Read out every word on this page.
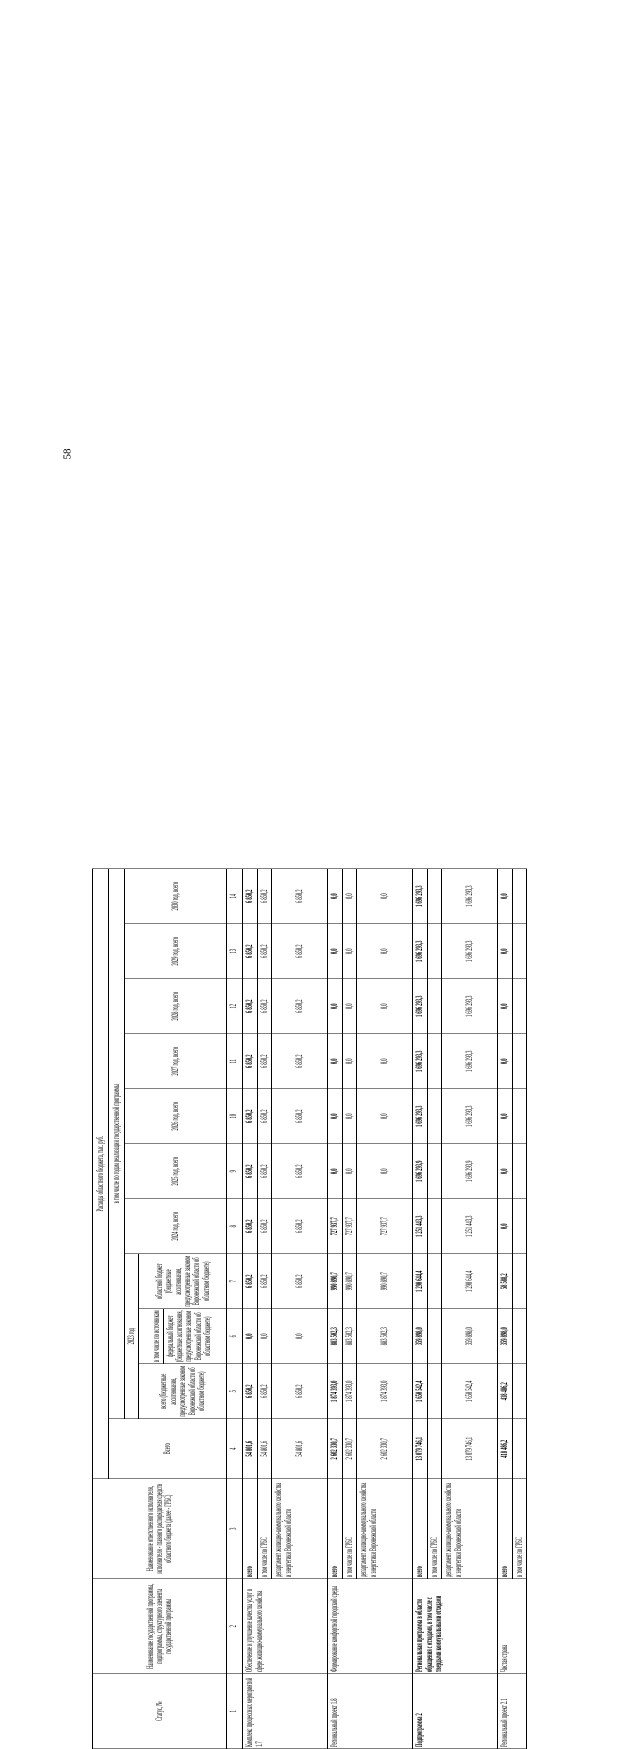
58
Статус, №	Наименование государственной программы, подпрограммы, структурного элемента государственной программы	Наименование ответственного исполнителя, исполнителя - главного распорядителя средств областного бюджета (далее - ГРБС)	Расходы областного бюджета, тыс. руб.										
			Всего	в том числе по годам реализации государственной программы									
				2023 год			2024 год, всего	2025 год, всего	2026 год, всего	2027 год, всего	2028 год, всего	2029 год, всего	2030 год, всего
				всего (бюджетные ассигнования, предусмотренные законом Воронежской области об областном бюджете)	в том числе по источникам федеральный бюджет (бюджетные ассигнования, предусмотренные законом Воронежской области об областном бюджете)	областной бюджет (бюджетные ассигнования, предусмотренные законом Воронежской области об областном бюджете)							
1	2	3	4	5	6	7	8	9	10	11	12	13	14
Комплекс процессных мероприятий 1.7	Обеспечение и улучшение качества услуг в сфере жилищно-коммунального хозяйства	всего	54 801,6	6 850,2	0,0	6 850,2	6 850,2	6 850,2	6 850,2	6 850,2	6 850,2	6 850,2	6 850,2
		в том числе по ГРБС	54 801,6	6 850,2	0,0	6 850,2	6 850,2	6 850,2	6 850,2	6 850,2	6 850,2	6 850,2	6 850,2
		департамент жилищно-коммунального хозяйства и энергетики Воронежской области	54 801,6	6 850,2	0,0	6 850,2	6 850,2	6 850,2	6 850,2	6 850,2	6 850,2	6 850,2	6 850,2
Региональный проект 1.8	Формирование комфортной городской среды	всего	2 602 330,7	1 874 393,0	883 502,3	990 890,7	727 937,7	0,0	0,0	0,0	0,0	0,0	0,0
		в том числе по ГРБС	2 602 330,7	1 874 393,0	883 502,3	990 890,7	727 937,7	0,0	0,0	0,0	0,0	0,0	0,0
		департамент жилищно-коммунального хозяйства и энергетики Воронежской области	2 602 330,7	1 874 393,0	883 502,3	990 890,7	727 937,7	0,0	0,0	0,0	0,0	0,0	0,0
Подпрограмма 2	Региональная программа в области обращения с отходами, в том числе с твердыми коммунальными отходами	всего	13 079 746,1	1 650 542,4	359 898,0	1 290 644,4	1 251 443,3	1 696 293,9	1 696 293,3	1 696 293,3	1 696 293,3	1 696 293,3	1 696 293,3
		в том числе по ГРБС											
		департамент жилищно-коммунального хозяйства и энергетики Воронежской области	13 079 746,1	1 650 542,4	359 898,0	1 290 644,4	1 251 443,3	1 696 293,9	1 696 293,3	1 696 293,3	1 696 293,3	1 696 293,3	1 696 293,3
Региональный проект 2.1	Чистая страна	всего	418 486,2	418 486,2	359 898,0	58 588,2	0,0	0,0	0,0	0,0	0,0	0,0	0,0
		в том числе по ГРБС											
